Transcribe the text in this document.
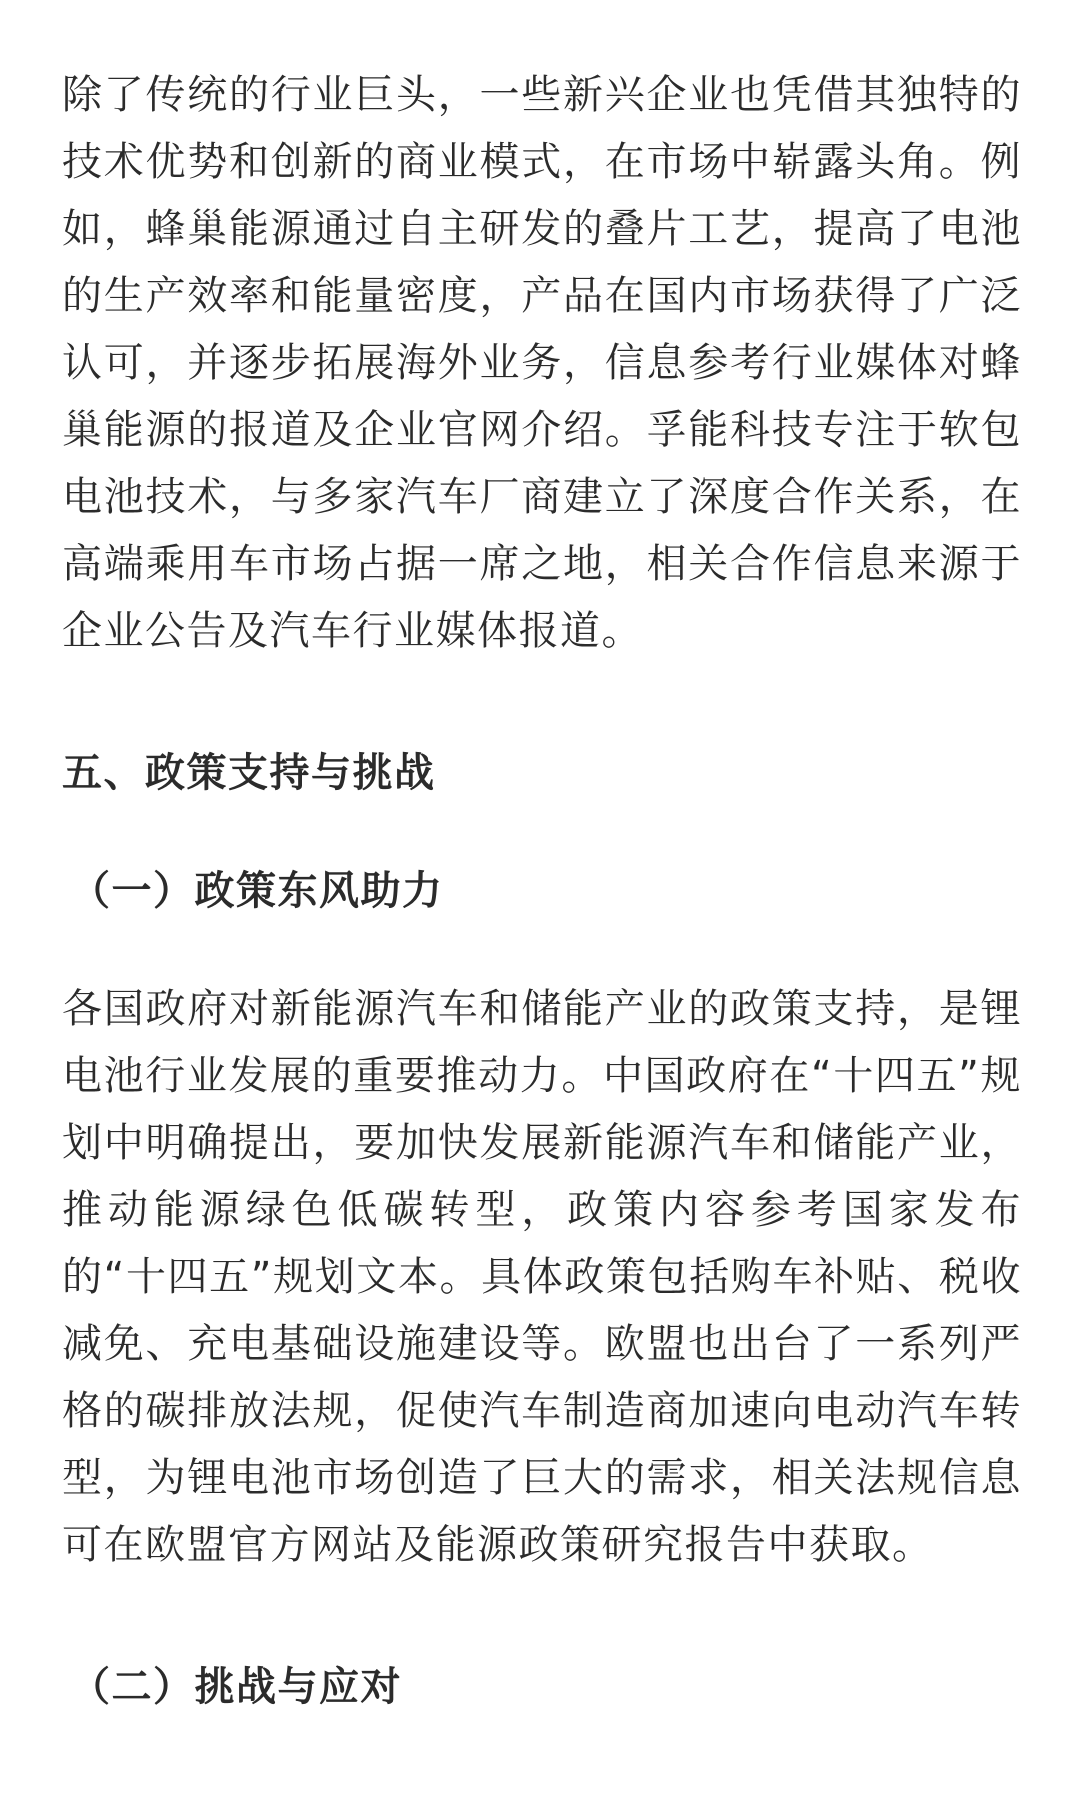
除了传统的行业巨头，一些新兴企业也凭借其独特的技术优势和创新的商业模式，在市场中崭露头角。例如，蜂巢能源通过自主研发的叠片工艺，提高了电池的生产效率和能量密度，产品在国内市场获得了广泛认可，并逐步拓展海外业务，信息参考行业媒体对蜂巢能源的报道及企业官网介绍。孚能科技专注于软包电池技术，与多家汽车厂商建立了深度合作关系，在高端乘用车市场占据一席之地，相关合作信息来源于企业公告及汽车行业媒体报道。

五、政策支持与挑战
（一）政策东风助力

各国政府对新能源汽车和储能产业的政策支持，是锂电池行业发展的重要推动力。中国政府在“十四五”规划中明确提出，要加快发展新能源汽车和储能产业，推动能源绿色低碳转型，政策内容参考国家发布的“十四五”规划文本。具体政策包括购车补贴、税收减免、充电基础设施建设等。欧盟也出台了一系列严格的碳排放法规，促使汽车制造商加速向电动汽车转型，为锂电池市场创造了巨大的需求，相关法规信息可在欧盟官方网站及能源政策研究报告中获取。

（二）挑战与应对
